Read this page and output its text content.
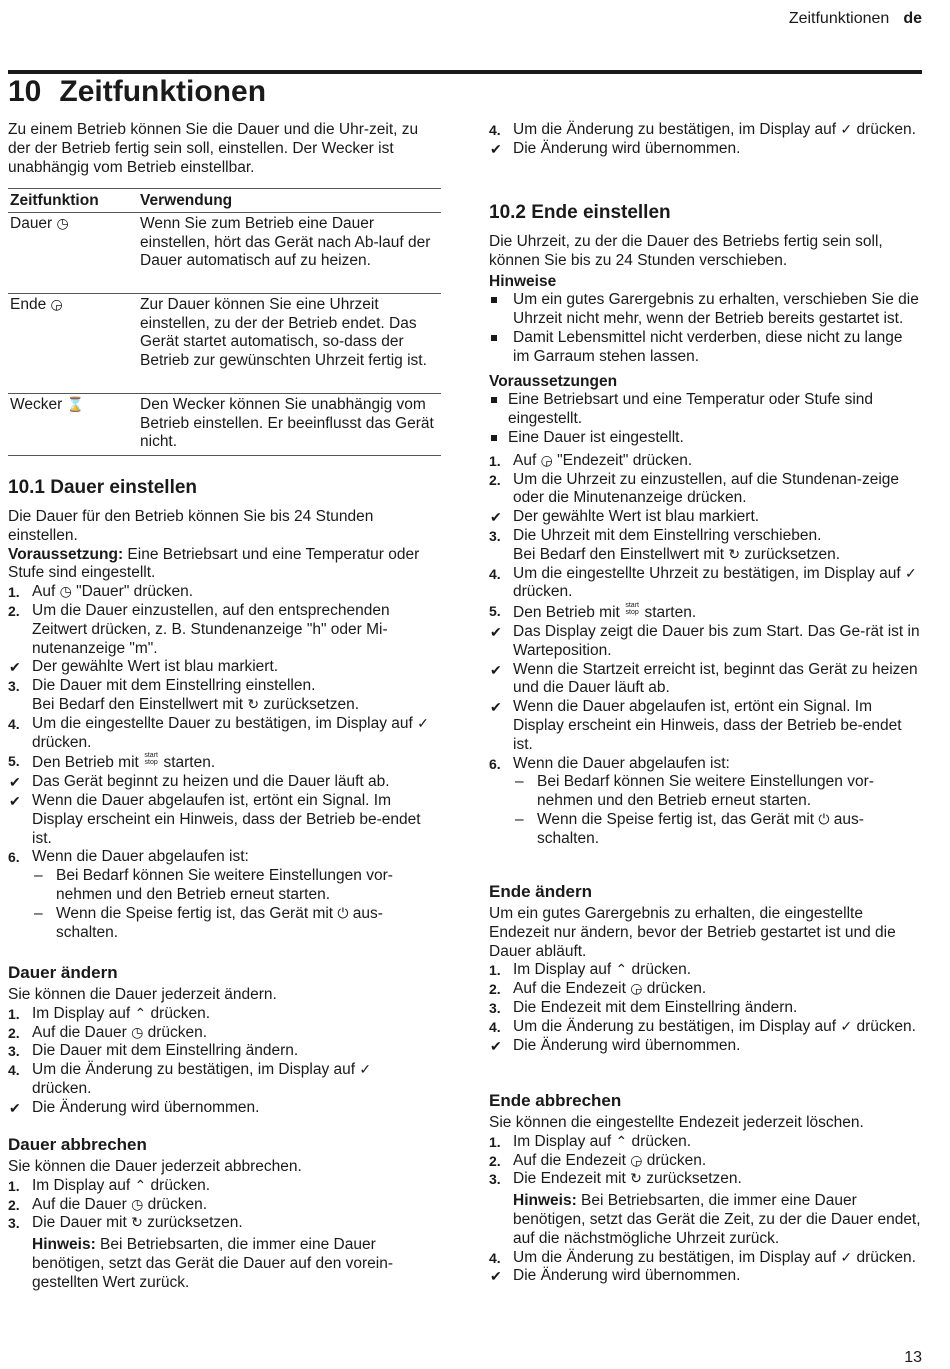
Zeitfunktionen de
10 Zeitfunktionen

Zu einem Betrieb können Sie die Dauer und die Uhr-zeit, zu der der Betrieb fertig sein soll, einstellen. Der Wecker ist unabhängig vom Betrieb einstellbar.

Zeitfunktion	Verwendung
Dauer ◷	Wenn Sie zum Betrieb eine Dauer einstellen, hört das Gerät nach Ab-lauf der Dauer automatisch auf zu heizen.
Ende ◶	Zur Dauer können Sie eine Uhrzeit einstellen, zu der der Betrieb endet. Das Gerät startet automatisch, so-dass der Betrieb zur gewünschten Uhrzeit fertig ist.
Wecker ⌛	Den Wecker können Sie unabhängig vom Betrieb einstellen. Er beeinflusst das Gerät nicht.
10.1 Dauer einstellen

Die Dauer für den Betrieb können Sie bis 24 Stunden einstellen.

Voraussetzung: Eine Betriebsart und eine Temperatur oder Stufe sind eingestellt.

1. Auf ◷ "Dauer" drücken.
2. Um die Dauer einzustellen, auf den entsprechenden Zeitwert drücken, z. B. Stundenanzeige "h" oder Mi-nutenanzeige "m".
✔ Der gewählte Wert ist blau markiert.
3. Die Dauer mit dem Einstellring einstellen.
Bei Bedarf den Einstellwert mit ↻ zurücksetzen.
4. Um die eingestellte Dauer zu bestätigen, im Display auf ✓ drücken.
5. Den Betrieb mit start
stop starten.
✔ Das Gerät beginnt zu heizen und die Dauer läuft ab.
✔ Wenn die Dauer abgelaufen ist, ertönt ein Signal. Im Display erscheint ein Hinweis, dass der Betrieb be-endet ist.
6. Wenn die Dauer abgelaufen ist:
– Bei Bedarf können Sie weitere Einstellungen vor-nehmen und den Betrieb erneut starten.
– Wenn die Speise fertig ist, das Gerät mit ⏻ aus-schalten.
Dauer ändern

Sie können die Dauer jederzeit ändern.

1. Im Display auf ⌃ drücken.
2. Auf die Dauer ◷ drücken.
3. Die Dauer mit dem Einstellring ändern.
4. Um die Änderung zu bestätigen, im Display auf ✓ drücken.
✔ Die Änderung wird übernommen.
Dauer abbrechen

Sie können die Dauer jederzeit abbrechen.

1. Im Display auf ⌃ drücken.
2. Auf die Dauer ◷ drücken.
3. Die Dauer mit ↻ zurücksetzen.

Hinweis: Bei Betriebsarten, die immer eine Dauer benötigen, setzt das Gerät die Dauer auf den vorein-gestellten Wert zurück.

4. Um die Änderung zu bestätigen, im Display auf ✓ drücken.
✔ Die Änderung wird übernommen.
10.2 Ende einstellen

Die Uhrzeit, zu der die Dauer des Betriebs fertig sein soll, können Sie bis zu 24 Stunden verschieben.

Hinweise

Um ein gutes Garergebnis zu erhalten, verschieben Sie die Uhrzeit nicht mehr, wenn der Betrieb bereits gestartet ist.
Damit Lebensmittel nicht verderben, diese nicht zu lange im Garraum stehen lassen.

Voraussetzungen

Eine Betriebsart und eine Temperatur oder Stufe sind eingestellt.
Eine Dauer ist eingestellt.
1. Auf ◶ "Endezeit" drücken.
2. Um die Uhrzeit zu einzustellen, auf die Stundenan-zeige oder die Minutenanzeige drücken.
✔ Der gewählte Wert ist blau markiert.
3. Die Uhrzeit mit dem Einstellring verschieben.
Bei Bedarf den Einstellwert mit ↻ zurücksetzen.
4. Um die eingestellte Uhrzeit zu bestätigen, im Display auf ✓ drücken.
5. Den Betrieb mit start
stop starten.
✔ Das Display zeigt die Dauer bis zum Start. Das Ge-rät ist in Warteposition.
✔ Wenn die Startzeit erreicht ist, beginnt das Gerät zu heizen und die Dauer läuft ab.
✔ Wenn die Dauer abgelaufen ist, ertönt ein Signal. Im Display erscheint ein Hinweis, dass der Betrieb be-endet ist.
6. Wenn die Dauer abgelaufen ist:
– Bei Bedarf können Sie weitere Einstellungen vor-nehmen und den Betrieb erneut starten.
– Wenn die Speise fertig ist, das Gerät mit ⏻ aus-schalten.
Ende ändern

Um ein gutes Garergebnis zu erhalten, die eingestellte Endezeit nur ändern, bevor der Betrieb gestartet ist und die Dauer abläuft.

1. Im Display auf ⌃ drücken.
2. Auf die Endezeit ◶ drücken.
3. Die Endezeit mit dem Einstellring ändern.
4. Um die Änderung zu bestätigen, im Display auf ✓ drücken.
✔ Die Änderung wird übernommen.
Ende abbrechen

Sie können die eingestellte Endezeit jederzeit löschen.

1. Im Display auf ⌃ drücken.
2. Auf die Endezeit ◶ drücken.
3. Die Endezeit mit ↻ zurücksetzen.

Hinweis: Bei Betriebsarten, die immer eine Dauer benötigen, setzt das Gerät die Zeit, zu der die Dauer endet, auf die nächstmögliche Uhrzeit zurück.

4. Um die Änderung zu bestätigen, im Display auf ✓ drücken.
✔ Die Änderung wird übernommen.
13
